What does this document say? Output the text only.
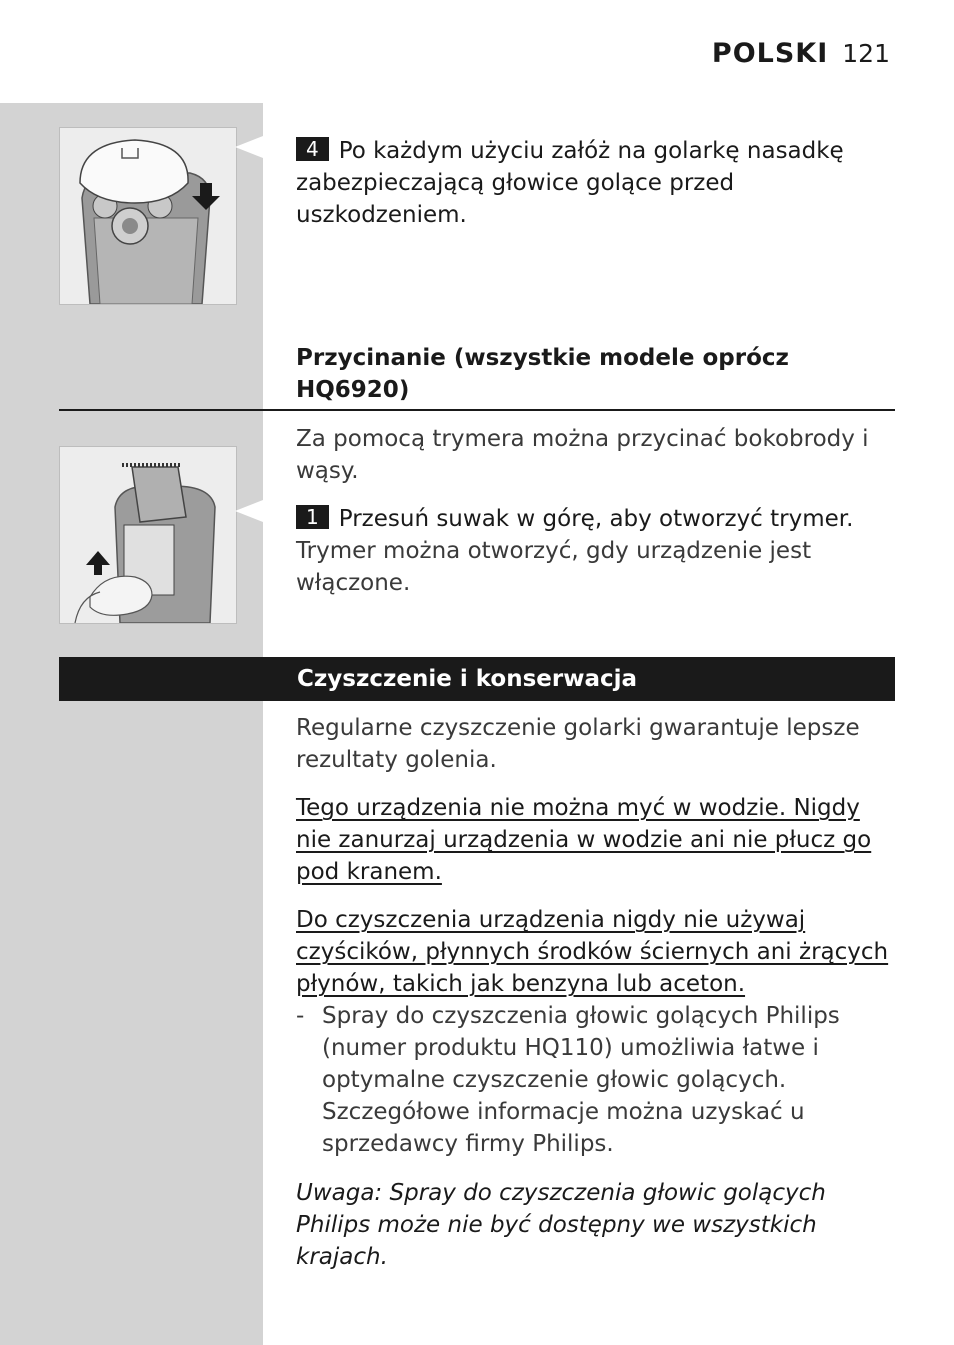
POLSKI 121
4 Po każdym użyciu załóż na golarkę nasadkę zabezpieczającą głowice golące przed uszkodzeniem.
Przycinanie (wszystkie modele oprócz HQ6920)
Za pomocą trymera można przycinać bokobrody i wąsy.
1 Przesuń suwak w górę, aby otworzyć trymer.
Trymer można otworzyć, gdy urządzenie jest włączone.
Czyszczenie i konserwacja
Regularne czyszczenie golarki gwarantuje lepsze rezultaty golenia.
Tego urządzenia nie można myć w wodzie. Nigdy nie zanurzaj urządzenia w wodzie ani nie płucz go pod kranem.
Do czyszczenia urządzenia nigdy nie używaj czyścików, płynnych środków ściernych ani żrących płynów, takich jak benzyna lub aceton.
- Spray do czyszczenia głowic golących Philips (numer produktu HQ110) umożliwia łatwe i optymalne czyszczenie głowic golących. Szczegółowe informacje można uzyskać u sprzedawcy firmy Philips.
Uwaga: Spray do czyszczenia głowic golących Philips może nie być dostępny we wszystkich krajach.
